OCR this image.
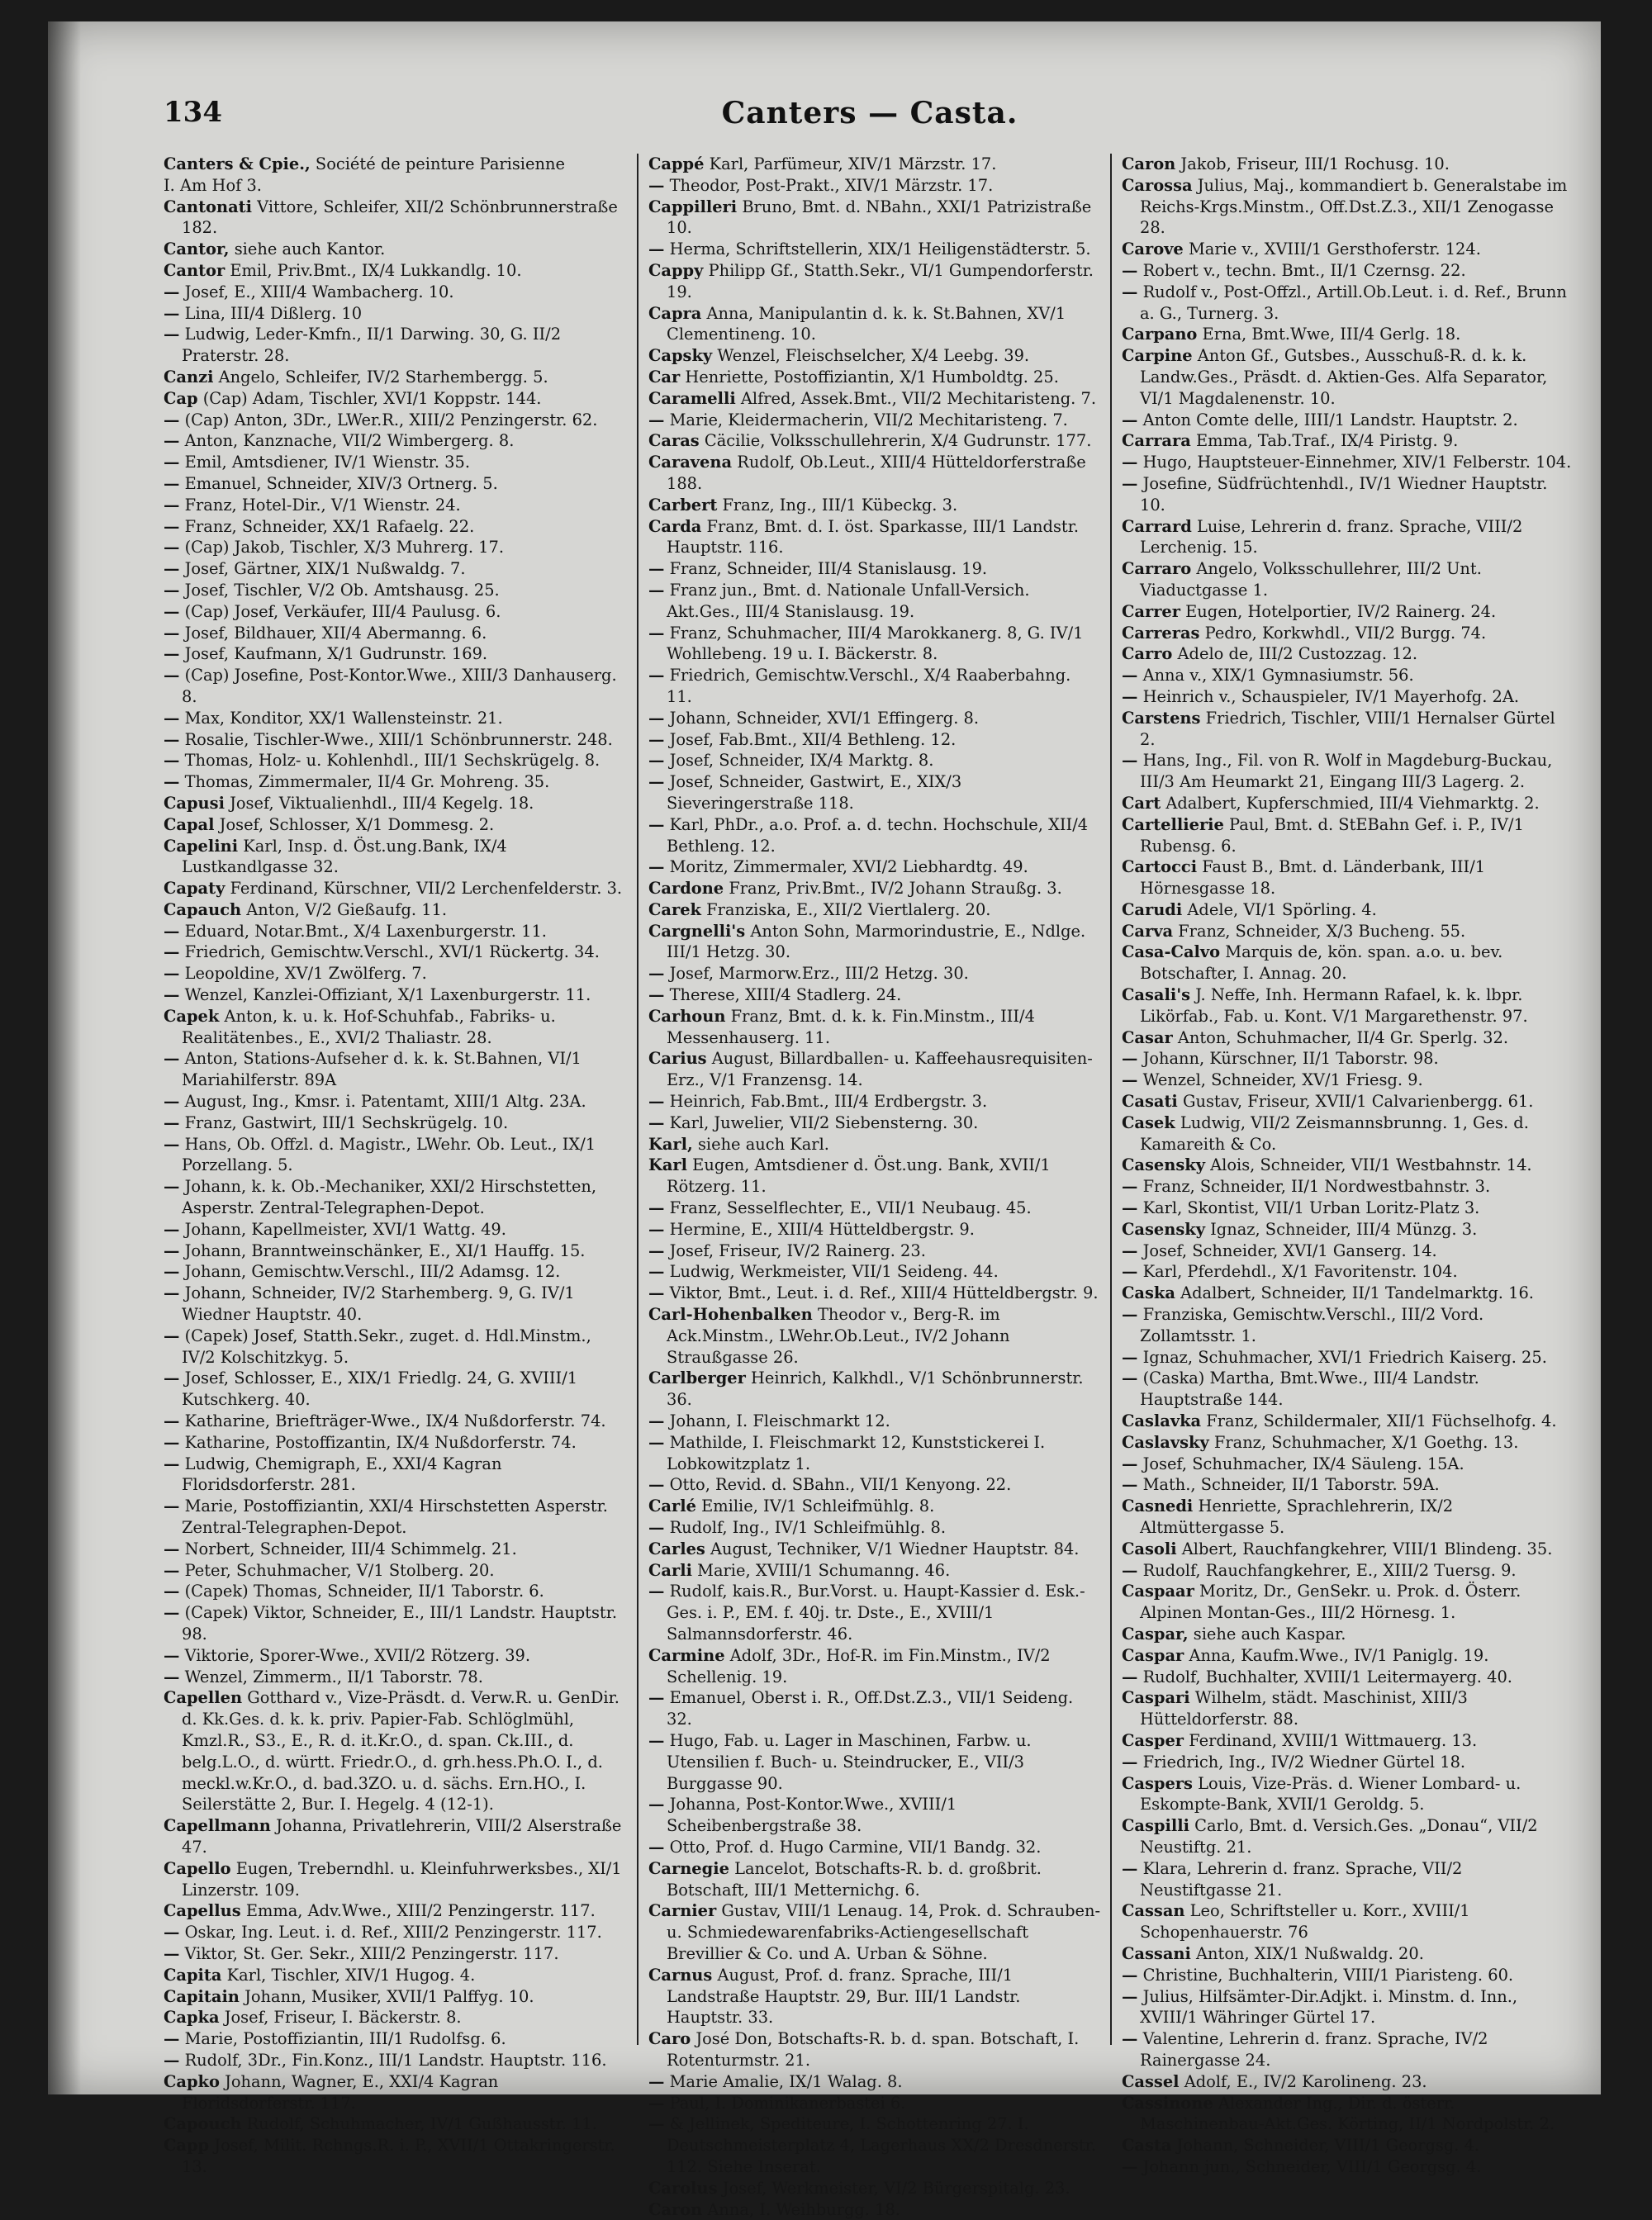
134	Canters — Casta.

Canters & Cpie., Société de peinture Parisienne

I. Am Hof 3.

Cantonati Vittore, Schleifer, XII/2 Schönbrunnerstraße 182.

Cantor, siehe auch Kantor.

Cantor Emil, Priv.Bmt., IX/4 Lukkandlg. 10.

— Josef, E., XIII/4 Wambacherg. 10.

— Lina, III/4 Dißlerg. 10

— Ludwig, Leder-Kmfn., II/1 Darwing. 30, G. II/2 Praterstr. 28.

Canzi Angelo, Schleifer, IV/2 Starhembergg. 5.

Cap (Cap) Adam, Tischler, XVI/1 Koppstr. 144.

— (Cap) Anton, 3Dr., LWer.R., XIII/2 Penzingerstr. 62.

— Anton, Kanznache, VII/2 Wimbergerg. 8.

— Emil, Amtsdiener, IV/1 Wienstr. 35.

— Emanuel, Schneider, XIV/3 Ortnerg. 5.

— Franz, Hotel-Dir., V/1 Wienstr. 24.

— Franz, Schneider, XX/1 Rafaelg. 22.

— (Cap) Jakob, Tischler, X/3 Muhrerg. 17.

— Josef, Gärtner, XIX/1 Nußwaldg. 7.

— Josef, Tischler, V/2 Ob. Amtshausg. 25.

— (Cap) Josef, Verkäufer, III/4 Paulusg. 6.

— Josef, Bildhauer, XII/4 Abermanng. 6.

— Josef, Kaufmann, X/1 Gudrunstr. 169.

— (Cap) Josefine, Post-Kontor.Wwe., XIII/3 Danhauserg. 8.

— Max, Konditor, XX/1 Wallensteinstr. 21.

— Rosalie, Tischler-Wwe., XIII/1 Schönbrunnerstr. 248.

— Thomas, Holz- u. Kohlenhdl., III/1 Sechskrügelg. 8.

— Thomas, Zimmermaler, II/4 Gr. Mohreng. 35.

Capusi Josef, Viktualienhdl., III/4 Kegelg. 18.

Capal Josef, Schlosser, X/1 Dommesg. 2.

Capelini Karl, Insp. d. Öst.ung.Bank, IX/4 Lustkandlgasse 32.

Capaty Ferdinand, Kürschner, VII/2 Lerchenfelderstr. 3.

Capauch Anton, V/2 Gießaufg. 11.

— Eduard, Notar.Bmt., X/4 Laxenburgerstr. 11.

— Friedrich, Gemischtw.Verschl., XVI/1 Rückertg. 34.

— Leopoldine, XV/1 Zwölferg. 7.

— Wenzel, Kanzlei-Offiziant, X/1 Laxenburgerstr. 11.

Capek Anton, k. u. k. Hof-Schuhfab., Fabriks- u. Realitätenbes., E., XVI/2 Thaliastr. 28.

— Anton, Stations-Aufseher d. k. k. St.Bahnen, VI/1 Mariahilferstr. 89A

— August, Ing., Kmsr. i. Patentamt, XIII/1 Altg. 23A.

— Franz, Gastwirt, III/1 Sechskrügelg. 10.

— Hans, Ob. Offzl. d. Magistr., LWehr. Ob. Leut., IX/1 Porzellang. 5.

— Johann, k. k. Ob.-Mechaniker, XXI/2 Hirschstetten, Asperstr. Zentral-Telegraphen-Depot.

— Johann, Kapellmeister, XVI/1 Wattg. 49.

— Johann, Branntweinschänker, E., XI/1 Hauffg. 15.

— Johann, Gemischtw.Verschl., III/2 Adamsg. 12.

— Johann, Schneider, IV/2 Starhemberg. 9, G. IV/1 Wiedner Hauptstr. 40.

— (Capek) Josef, Statth.Sekr., zuget. d. Hdl.Minstm., IV/2 Kolschitzkyg. 5.

— Josef, Schlosser, E., XIX/1 Friedlg. 24, G. XVIII/1 Kutschkerg. 40.

— Katharine, Briefträger-Wwe., IX/4 Nußdorferstr. 74.

— Katharine, Postoffizantin, IX/4 Nußdorferstr. 74.

— Ludwig, Chemigraph, E., XXI/4 Kagran Floridsdorferstr. 281.

— Marie, Postoffiziantin, XXI/4 Hirschstetten Asperstr. Zentral-Telegraphen-Depot.

— Norbert, Schneider, III/4 Schimmelg. 21.

— Peter, Schuhmacher, V/1 Stolberg. 20.

— (Capek) Thomas, Schneider, II/1 Taborstr. 6.

— (Capek) Viktor, Schneider, E., III/1 Landstr. Hauptstr. 98.

— Viktorie, Sporer-Wwe., XVII/2 Rötzerg. 39.

— Wenzel, Zimmerm., II/1 Taborstr. 78.

Capellen Gotthard v., Vize-Präsdt. d. Verw.R. u. GenDir. d. Kk.Ges. d. k. k. priv. Papier-Fab. Schlöglmühl, Kmzl.R., S3., E., R. d. it.Kr.O., d. span. Ck.III., d. belg.L.O., d. württ. Friedr.O., d. grh.hess.Ph.O. I., d. meckl.w.Kr.O., d. bad.3ZO. u. d. sächs. Ern.HO., I. Seilerstätte 2, Bur. I. Hegelg. 4 (12-1).

Capellmann Johanna, Privatlehrerin, VIII/2 Alserstraße 47.

Capello Eugen, Treberndhl. u. Kleinfuhrwerksbes., XI/1 Linzerstr. 109.

Capellus Emma, Adv.Wwe., XIII/2 Penzingerstr. 117.

— Oskar, Ing. Leut. i. d. Ref., XIII/2 Penzingerstr. 117.

— Viktor, St. Ger. Sekr., XIII/2 Penzingerstr. 117.

Capita Karl, Tischler, XIV/1 Hugog. 4.

Capitain Johann, Musiker, XVII/1 Palffyg. 10.

Capka Josef, Friseur, I. Bäckerstr. 8.

— Marie, Postoffiziantin, III/1 Rudolfsg. 6.

— Rudolf, 3Dr., Fin.Konz., III/1 Landstr. Hauptstr. 116.

Capko Johann, Wagner, E., XXI/4 Kagran Floridsdorferstr. 117.

Capouch Rudolf, Schuhmacher, IV/1 Gußhausstr. 11.

Capp Josef, Milit. Rchngs.R. i. P., XVII/1 Ottakringerstr. 13.

Cappé Karl, Parfümeur, XIV/1 Märzstr. 17.

— Theodor, Post-Prakt., XIV/1 Märzstr. 17.

Cappilleri Bruno, Bmt. d. NBahn., XXI/1 Patrizistraße 10.

— Herma, Schriftstellerin, XIX/1 Heiligenstädterstr. 5.

Cappy Philipp Gf., Statth.Sekr., VI/1 Gumpendorferstr. 19.

Capra Anna, Manipulantin d. k. k. St.Bahnen, XV/1 Clementineng. 10.

Capsky Wenzel, Fleischselcher, X/4 Leebg. 39.

Car Henriette, Postoffiziantin, X/1 Humboldtg. 25.

Caramelli Alfred, Assek.Bmt., VII/2 Mechitaristeng. 7.

— Marie, Kleidermacherin, VII/2 Mechitaristeng. 7.

Caras Cäcilie, Volksschullehrerin, X/4 Gudrunstr. 177.

Caravena Rudolf, Ob.Leut., XIII/4 Hütteldorferstraße 188.

Carbert Franz, Ing., III/1 Kübeckg. 3.

Carda Franz, Bmt. d. I. öst. Sparkasse, III/1 Landstr. Hauptstr. 116.

— Franz, Schneider, III/4 Stanislausg. 19.

— Franz jun., Bmt. d. Nationale Unfall-Versich. Akt.Ges., III/4 Stanislausg. 19.

— Franz, Schuhmacher, III/4 Marokkanerg. 8, G. IV/1 Wohllebeng. 19 u. I. Bäckerstr. 8.

— Friedrich, Gemischtw.Verschl., X/4 Raaberbahng. 11.

— Johann, Schneider, XVI/1 Effingerg. 8.

— Josef, Fab.Bmt., XII/4 Bethleng. 12.

— Josef, Schneider, IX/4 Marktg. 8.

— Josef, Schneider, Gastwirt, E., XIX/3 Sieveringerstraße 118.

— Karl, PhDr., a.o. Prof. a. d. techn. Hochschule, XII/4 Bethleng. 12.

— Moritz, Zimmermaler, XVI/2 Liebhardtg. 49.

Cardone Franz, Priv.Bmt., IV/2 Johann Straußg. 3.

Carek Franziska, E., XII/2 Viertlalerg. 20.

Cargnelli's Anton Sohn, Marmorindustrie, E., Ndlge. III/1 Hetzg. 30.

— Josef, Marmorw.Erz., III/2 Hetzg. 30.

— Therese, XIII/4 Stadlerg. 24.

Carhoun Franz, Bmt. d. k. k. Fin.Minstm., III/4 Messenhauserg. 11.

Carius August, Billardballen- u. Kaffeehausrequisiten-Erz., V/1 Franzensg. 14.

— Heinrich, Fab.Bmt., III/4 Erdbergstr. 3.

— Karl, Juwelier, VII/2 Siebensterng. 30.

Karl, siehe auch Karl.

Karl Eugen, Amtsdiener d. Öst.ung. Bank, XVII/1 Rötzerg. 11.

— Franz, Sesselflechter, E., VII/1 Neubaug. 45.

— Hermine, E., XIII/4 Hütteldbergstr. 9.

— Josef, Friseur, IV/2 Rainerg. 23.

— Ludwig, Werkmeister, VII/1 Seideng. 44.

— Viktor, Bmt., Leut. i. d. Ref., XIII/4 Hütteldbergstr. 9.

Carl-Hohenbalken Theodor v., Berg-R. im Ack.Minstm., LWehr.Ob.Leut., IV/2 Johann Straußgasse 26.

Carlberger Heinrich, Kalkhdl., V/1 Schönbrunnerstr. 36.

— Johann, I. Fleischmarkt 12.

— Mathilde, I. Fleischmarkt 12, Kunststickerei I. Lobkowitzplatz 1.

— Otto, Revid. d. SBahn., VII/1 Kenyong. 22.

Carlé Emilie, IV/1 Schleifmühlg. 8.

— Rudolf, Ing., IV/1 Schleifmühlg. 8.

Carles August, Techniker, V/1 Wiedner Hauptstr. 84.

Carli Marie, XVIII/1 Schumanng. 46.

— Rudolf, kais.R., Bur.Vorst. u. Haupt-Kassier d. Esk.-Ges. i. P., EM. f. 40j. tr. Dste., E., XVIII/1 Salmannsdorferstr. 46.

Carmine Adolf, 3Dr., Hof-R. im Fin.Minstm., IV/2 Schellenig. 19.

— Emanuel, Oberst i. R., Off.Dst.Z.3., VII/1 Seideng. 32.

— Hugo, Fab. u. Lager in Maschinen, Farbw. u. Utensilien f. Buch- u. Steindrucker, E., VII/3 Burggasse 90.

— Johanna, Post-Kontor.Wwe., XVIII/1 Scheibenbergstraße 38.

— Otto, Prof. d. Hugo Carmine, VII/1 Bandg. 32.

Carnegie Lancelot, Botschafts-R. b. d. großbrit. Botschaft, III/1 Metternichg. 6.

Carnier Gustav, VIII/1 Lenaug. 14, Prok. d. Schrauben- u. Schmiedewarenfabriks-Actiengesellschaft Brevillier & Co. und A. Urban & Söhne.

Carnus August, Prof. d. franz. Sprache, III/1 Landstraße Hauptstr. 29, Bur. III/1 Landstr. Hauptstr. 33.

Caro José Don, Botschafts-R. b. d. span. Botschaft, I. Rotenturmstr. 21.

— Marie Amalie, IX/1 Walag. 8.

— Paul, I. Dominikanerbastei 6.

— & Jellinek, Spediteure, I. Schottenring 27. I. Deutschmeisterplatz 4, Lagerhaus XX/2 Dresdnerstr. 112. Siehe Inserat.

Carolus Josef, Werkmeister, VI/2 Bürgerspitalg. 23.

Caron Anna, I. Weihburgg. 18.

Caron Jakob, Friseur, III/1 Rochusg. 10.

Carossa Julius, Maj., kommandiert b. Generalstabe im Reichs-Krgs.Minstm., Off.Dst.Z.3., XII/1 Zenogasse 28.

Carove Marie v., XVIII/1 Gersthoferstr. 124.

— Robert v., techn. Bmt., II/1 Czernsg. 22.

— Rudolf v., Post-Offzl., Artill.Ob.Leut. i. d. Ref., Brunn a. G., Turnerg. 3.

Carpano Erna, Bmt.Wwe, III/4 Gerlg. 18.

Carpine Anton Gf., Gutsbes., Ausschuß-R. d. k. k. Landw.Ges., Präsdt. d. Aktien-Ges. Alfa Separator, VI/1 Magdalenenstr. 10.

— Anton Comte delle, IIII/1 Landstr. Hauptstr. 2.

Carrara Emma, Tab.Traf., IX/4 Piristg. 9.

— Hugo, Hauptsteuer-Einnehmer, XIV/1 Felberstr. 104.

— Josefine, Südfrüchtenhdl., IV/1 Wiedner Hauptstr. 10.

Carrard Luise, Lehrerin d. franz. Sprache, VIII/2 Lerchenig. 15.

Carraro Angelo, Volksschullehrer, III/2 Unt. Viaductgasse 1.

Carrer Eugen, Hotelportier, IV/2 Rainerg. 24.

Carreras Pedro, Korkwhdl., VII/2 Burgg. 74.

Carro Adelo de, III/2 Custozzag. 12.

— Anna v., XIX/1 Gymnasiumstr. 56.

— Heinrich v., Schauspieler, IV/1 Mayerhofg. 2A.

Carstens Friedrich, Tischler, VIII/1 Hernalser Gürtel 2.

— Hans, Ing., Fil. von R. Wolf in Magdeburg-Buckau, III/3 Am Heumarkt 21, Eingang III/3 Lagerg. 2.

Cart Adalbert, Kupferschmied, III/4 Viehmarktg. 2.

Cartellierie Paul, Bmt. d. StEBahn Gef. i. P., IV/1 Rubensg. 6.

Cartocci Faust B., Bmt. d. Länderbank, III/1 Hörnesgasse 18.

Carudi Adele, VI/1 Spörling. 4.

Carva Franz, Schneider, X/3 Bucheng. 55.

Casa-Calvo Marquis de, kön. span. a.o. u. bev. Botschafter, I. Annag. 20.

Casali's J. Neffe, Inh. Hermann Rafael, k. k. lbpr. Likörfab., Fab. u. Kont. V/1 Margarethenstr. 97.

Casar Anton, Schuhmacher, II/4 Gr. Sperlg. 32.

— Johann, Kürschner, II/1 Taborstr. 98.

— Wenzel, Schneider, XV/1 Friesg. 9.

Casati Gustav, Friseur, XVII/1 Calvarienbergg. 61.

Casek Ludwig, VII/2 Zeismannsbrunng. 1, Ges. d. Kamareith & Co.

Casensky Alois, Schneider, VII/1 Westbahnstr. 14.

— Franz, Schneider, II/1 Nordwestbahnstr. 3.

— Karl, Skontist, VII/1 Urban Loritz-Platz 3.

Casensky Ignaz, Schneider, III/4 Münzg. 3.

— Josef, Schneider, XVI/1 Ganserg. 14.

— Karl, Pferdehdl., X/1 Favoritenstr. 104.

Caska Adalbert, Schneider, II/1 Tandelmarktg. 16.

— Franziska, Gemischtw.Verschl., III/2 Vord. Zollamtsstr. 1.

— Ignaz, Schuhmacher, XVI/1 Friedrich Kaiserg. 25.

— (Caska) Martha, Bmt.Wwe., III/4 Landstr. Hauptstraße 144.

Caslavka Franz, Schildermaler, XII/1 Füchselhofg. 4.

Caslavsky Franz, Schuhmacher, X/1 Goethg. 13.

— Josef, Schuhmacher, IX/4 Säuleng. 15A.

— Math., Schneider, II/1 Taborstr. 59A.

Casnedi Henriette, Sprachlehrerin, IX/2 Altmüttergasse 5.

Casoli Albert, Rauchfangkehrer, VIII/1 Blindeng. 35.

— Rudolf, Rauchfangkehrer, E., XIII/2 Tuersg. 9.

Caspaar Moritz, Dr., GenSekr. u. Prok. d. Österr. Alpinen Montan-Ges., III/2 Hörnesg. 1.

Caspar, siehe auch Kaspar.

Caspar Anna, Kaufm.Wwe., IV/1 Paniglg. 19.

— Rudolf, Buchhalter, XVIII/1 Leitermayerg. 40.

Caspari Wilhelm, städt. Maschinist, XIII/3 Hütteldorferstr. 88.

Casper Ferdinand, XVIII/1 Wittmauerg. 13.

— Friedrich, Ing., IV/2 Wiedner Gürtel 18.

Caspers Louis, Vize-Präs. d. Wiener Lombard- u. Eskompte-Bank, XVII/1 Geroldg. 5.

Caspilli Carlo, Bmt. d. Versich.Ges. „Donau“, VII/2 Neustiftg. 21.

— Klara, Lehrerin d. franz. Sprache, VII/2 Neustiftgasse 21.

Cassan Leo, Schriftsteller u. Korr., XVIII/1 Schopenhauerstr. 76

Cassani Anton, XIX/1 Nußwaldg. 20.

— Christine, Buchhalterin, VIII/1 Piaristeng. 60.

— Julius, Hilfsämter-Dir.Adjkt. i. Minstm. d. Inn., XVIII/1 Währinger Gürtel 17.

— Valentine, Lehrerin d. franz. Sprache, IV/2 Rainergasse 24.

Cassel Adolf, E., IV/2 Karolineng. 23.

Cassinone Alexander Ing., Dir. d. österr. Maschinenbau-Akt.Ges. Körting, II/1 Nordpolstr. 2.

Casta Johann, Schneider, VIII/1 Georgsg. 4.

— Johann jun., Schneider, VIII/1 Georgsg. 4.
